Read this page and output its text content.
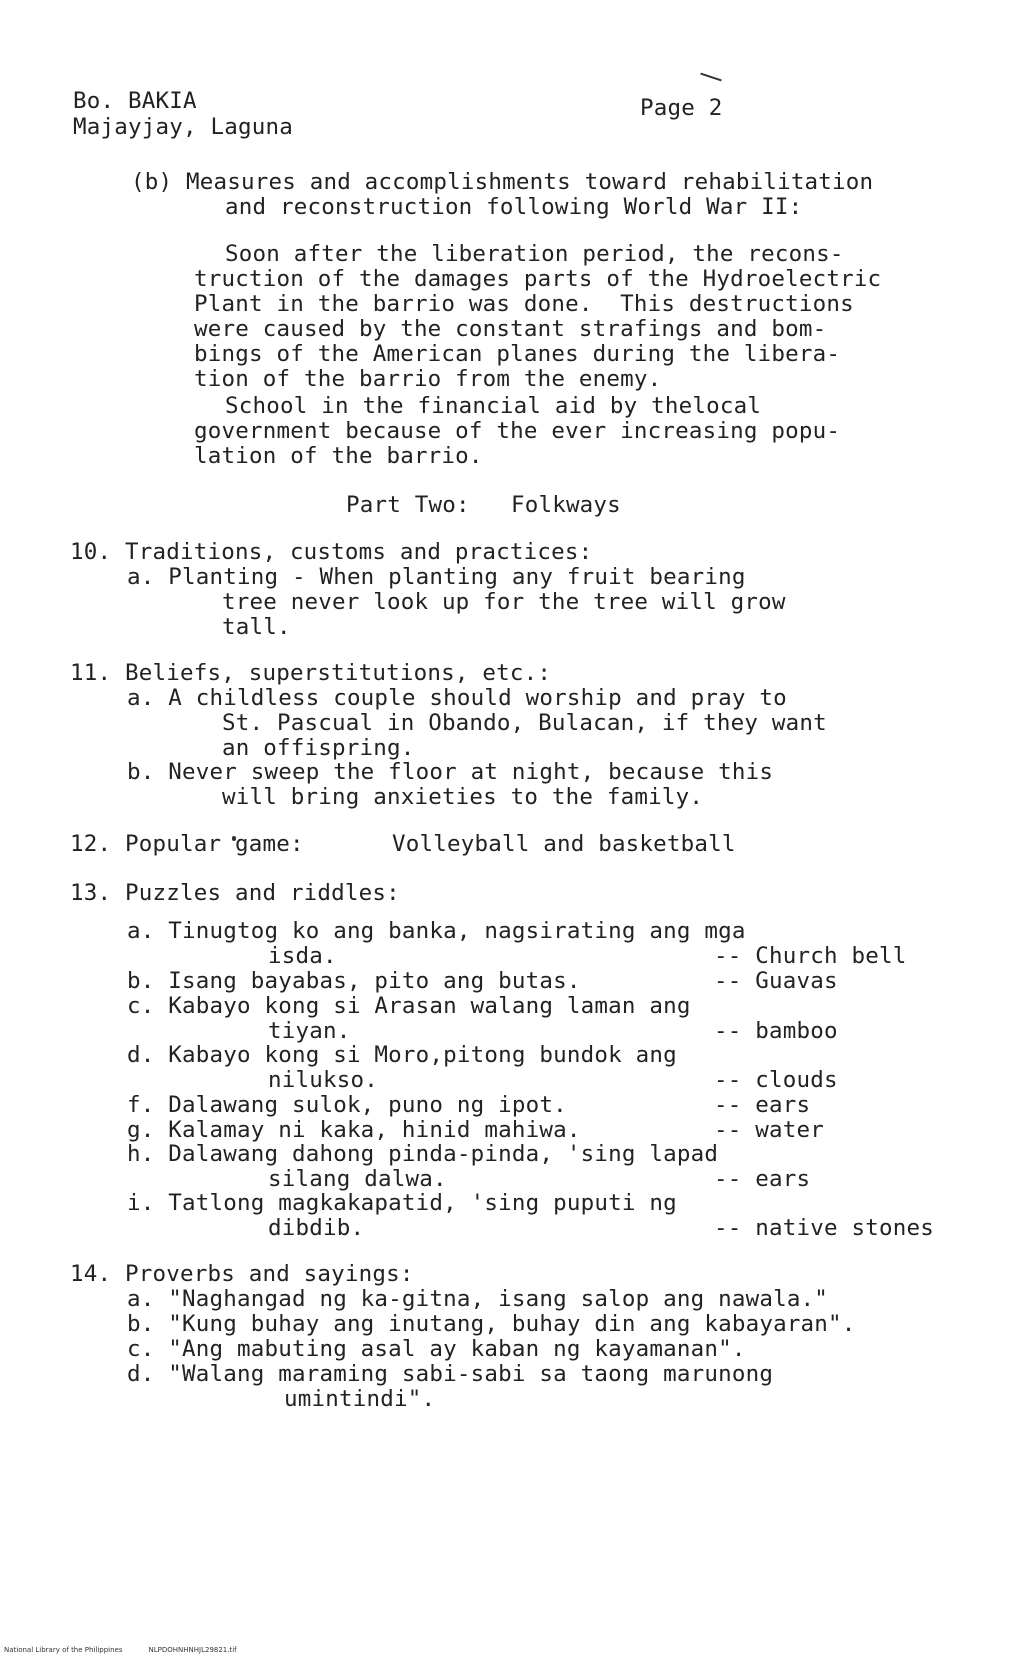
Bo. BAKIA
Majayjay, Laguna
Page 2
(b) Measures and accomplishments toward rehabilitation
and reconstruction following World War II:
Soon after the liberation period, the recons-
truction of the damages parts of the Hydroelectric
Plant in the barrio was done.  This destructions
were caused by the constant strafings and bom-
bings of the American planes during the libera-
tion of the barrio from the enemy.
School in the financial aid by thelocal
government because of the ever increasing popu-
lation of the barrio.
Part Two:   Folkways
10. Traditions, customs and practices:
a. Planting - When planting any fruit bearing
tree never look up for the tree will grow
tall.
11. Beliefs, superstitutions, etc.:
a. A childless couple should worship and pray to
St. Pascual in Obando, Bulacan, if they want
an offispring.
b. Never sweep the floor at night, because this
will bring anxieties to the family.
12. Popular game:	Volleyball and basketball
13. Puzzles and riddles:
a. Tinugtog ko ang banka, nagsirating ang mga
isda.	-- Church bell
b. Isang bayabas, pito ang butas.	-- Guavas
c. Kabayo kong si Arasan walang laman ang
tiyan.	-- bamboo
d. Kabayo kong si Moro,pitong bundok ang
nilukso.	-- clouds
f. Dalawang sulok, puno ng ipot.	-- ears
g. Kalamay ni kaka, hinid mahiwa.	-- water
h. Dalawang dahong pinda-pinda, 'sing lapad
silang dalwa.	-- ears
i. Tatlong magkakapatid, 'sing puputi ng
dibdib.	-- native stones
14. Proverbs and sayings:
a. "Naghangad ng ka-gitna, isang salop ang nawala."
b. "Kung buhay ang inutang, buhay din ang kabayaran".
c. "Ang mabuting asal ay kaban ng kayamanan".
d. "Walang maraming sabi-sabi sa taong marunong
umintindi".
National Library of the Philippines	NLPDOHNHNHJL29821.tif
